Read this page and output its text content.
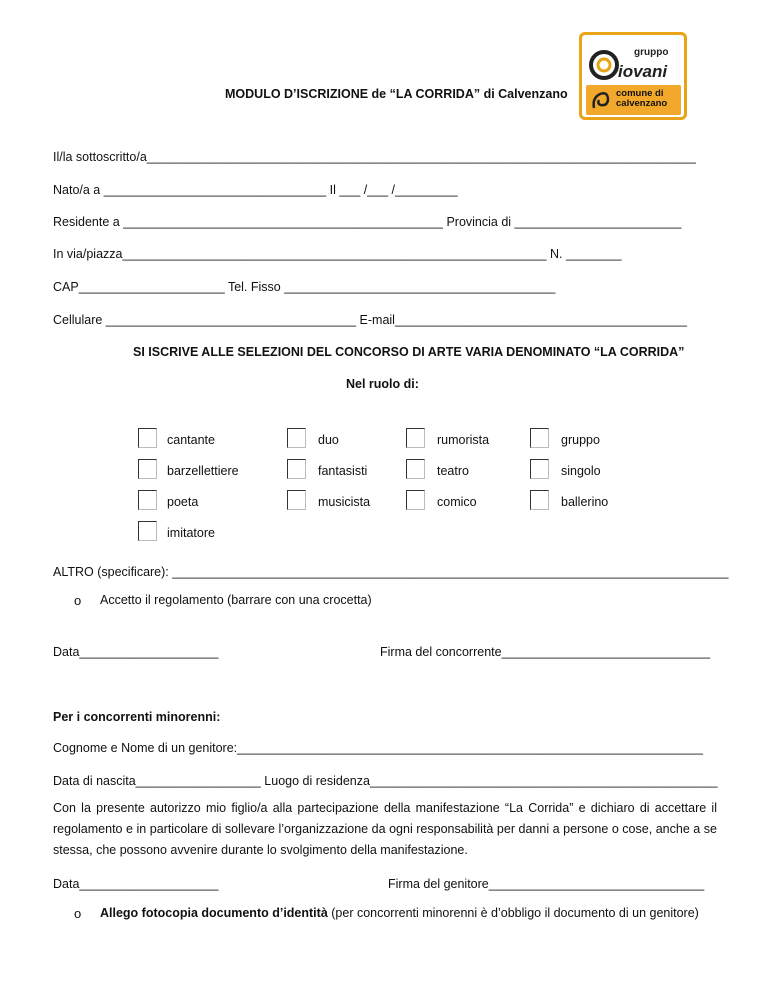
gruppo
iovani
comune di
calvenzano
MODULO D’ISCRIZIONE de “LA CORRIDA” di Calvenzano
Il/la sottoscritto/a_______________________________________________________________________________
Nato/a a ________________________________ Il ___ /___ /_________
Residente a ______________________________________________ Provincia di ________________________
In via/piazza_____________________________________________________________ N. ________
CAP_____________________ Tel. Fisso _______________________________________
Cellulare ____________________________________ E-mail__________________________________________
SI ISCRIVE ALLE SELEZIONI DEL CONCORSO DI ARTE VARIA DENOMINATO “LA CORRIDA”
Nel ruolo di:
cantante	duo	rumorista	gruppo
barzellettiere	fantasisti	teatro	singolo
poeta	musicista	comico	ballerino
imitatore
ALTRO (specificare): ________________________________________________________________________________
o Accetto il regolamento (barrare con una crocetta)
Data____________________	Firma del concorrente______________________________
Per i concorrenti minorenni:
Cognome e Nome di un genitore:___________________________________________________________________
Data di nascita__________________ Luogo di residenza__________________________________________________
Con la presente autorizzo mio figlio/a alla partecipazione della manifestazione “La Corrida” e dichiaro di accettare il regolamento e in particolare di sollevare l’organizzazione da ogni responsabilità per danni a persone o cose, anche a se stessa, che possono avvenire durante lo svolgimento della manifestazione.
Data____________________	Firma del genitore_______________________________
o Allego fotocopia documento d’identità (per concorrenti minorenni è d’obbligo il documento di un genitore)
